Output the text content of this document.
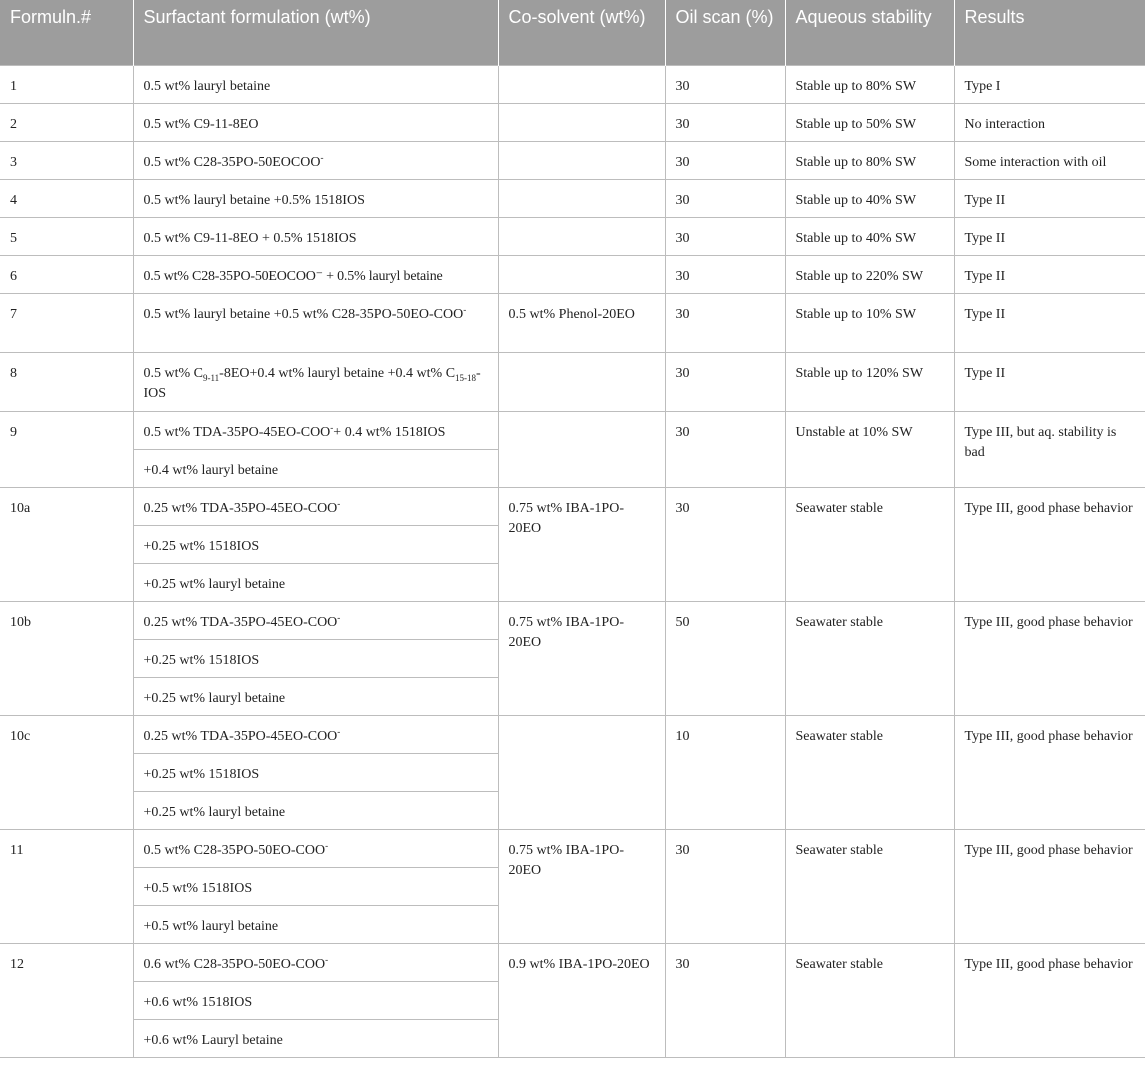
Formuln.#	Surfactant formulation (wt%)	Co-solvent (wt%)	Oil scan (%)	Aqueous stability	Results
1	0.5 wt% lauryl betaine		30	Stable up to 80% SW	Type I
2	0.5 wt% C9-11-8EO		30	Stable up to 50% SW	No interaction
3	0.5 wt% C28-35PO-50EOCOO-		30	Stable up to 80% SW	Some interaction with oil
4	0.5 wt% lauryl betaine +0.5% 1518IOS		30	Stable up to 40% SW	Type II
5	0.5 wt% C9-11-8EO + 0.5% 1518IOS		30	Stable up to 40% SW	Type II
6	0.5 wt% C28-35PO-50EOCOO⁻ + 0.5% lauryl betaine		30	Stable up to 220% SW	Type II
7	0.5 wt% lauryl betaine +0.5 wt% C28-35PO-50EO-COO-	0.5 wt% Phenol-20EO	30	Stable up to 10% SW	Type II
8	0.5 wt% $C_{9-11}-8EO+0.4$ wt% lauryl betaine +0.4 wt% $C_{15-18}$-IOS		30	Stable up to 120% SW	Type II
9	0.5 wt% TDA-35PO-45EO-COO-+ 0.4 wt% 1518IOS		30	Unstable at 10% SW	Type III, but aq. stability is bad
	+0.4 wt% lauryl betaine				
10a	0.25 wt% TDA-35PO-45EO-COO-	0.75 wt% IBA-1PO-20EO	30	Seawater stable	Type III, good phase behavior
	+0.25 wt% 1518IOS				
	+0.25 wt% lauryl betaine				
10b	0.25 wt% TDA-35PO-45EO-COO-	0.75 wt% IBA-1PO-20EO	50	Seawater stable	Type III, good phase behavior
	+0.25 wt% 1518IOS				
	+0.25 wt% lauryl betaine				
10c	0.25 wt% TDA-35PO-45EO-COO-		10	Seawater stable	Type III, good phase behavior
	+0.25 wt% 1518IOS				
	+0.25 wt% lauryl betaine				
11	0.5 wt% C28-35PO-50EO-COO-	0.75 wt% IBA-1PO-20EO	30	Seawater stable	Type III, good phase behavior
	+0.5 wt% 1518IOS				
	+0.5 wt% lauryl betaine				
12	0.6 wt% C28-35PO-50EO-COO-	0.9 wt% IBA-1PO-20EO	30	Seawater stable	Type III, good phase behavior
	+0.6 wt% 1518IOS				
	+0.6 wt% Lauryl betaine				
